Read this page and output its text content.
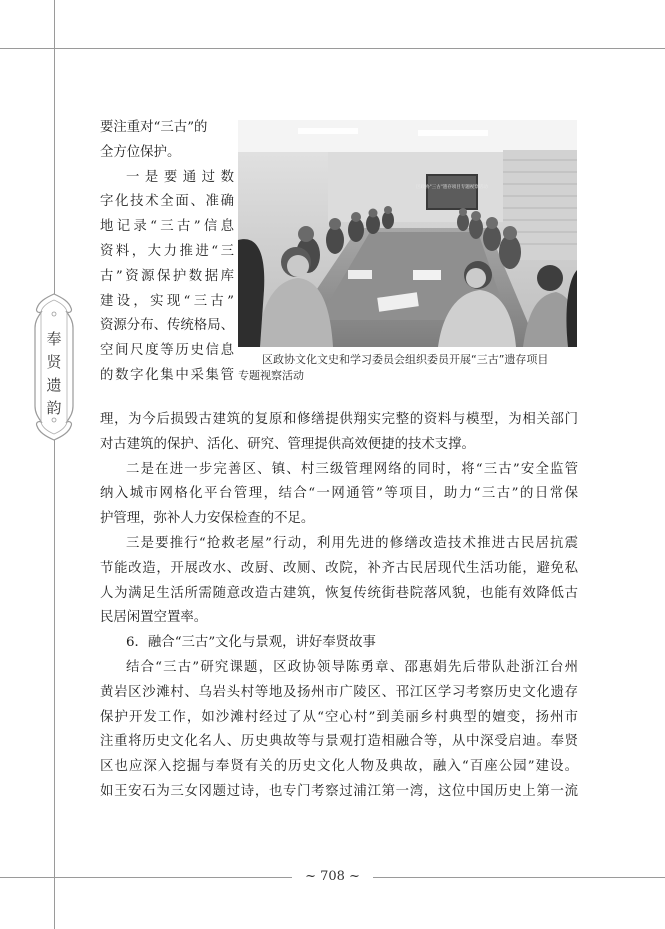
奉
贤
遗
韵

要注重对“三古”的

全方位保护。

一是要通过数

字化技术全面、准确

地记录“三古”信息

资料，大力推进“三

古”资源保护数据库

建设，实现“三古”

资源分布、传统格局、

空间尺度等历史信息

的数字化集中采集管

区政协"三古"遗存项目专题视察活动
区政协文化文史和学习委员会组织委员开展“三古”遗存项目
专题视察活动

理，为今后损毁古建筑的复原和修缮提供翔实完整的资料与模型，为相关部门

对古建筑的保护、活化、研究、管理提供高效便捷的技术支撑。

二是在进一步完善区、镇、村三级管理网络的同时，将“三古”安全监管

纳入城市网格化平台管理，结合“一网通管”等项目，助力“三古”的日常保

护管理，弥补人力安保检查的不足。

三是要推行“抢救老屋”行动，利用先进的修缮改造技术推进古民居抗震

节能改造，开展改水、改厨、改厕、改院，补齐古民居现代生活功能，避免私

人为满足生活所需随意改造古建筑，恢复传统街巷院落风貌，也能有效降低古

民居闲置空置率。

6．融合“三古”文化与景观，讲好奉贤故事

结合“三古”研究课题，区政协领导陈勇章、邵惠娟先后带队赴浙江台州

黄岩区沙滩村、乌岩头村等地及扬州市广陵区、邗江区学习考察历史文化遗存

保护开发工作，如沙滩村经过了从“空心村”到美丽乡村典型的嬗变，扬州市

注重将历史文化名人、历史典故等与景观打造相融合等，从中深受启迪。奉贤

区也应深入挖掘与奉贤有关的历史文化人物及典故，融入“百座公园”建设。

如王安石为三女冈题过诗，也专门考察过浦江第一湾，这位中国历史上第一流

~ 708 ~
